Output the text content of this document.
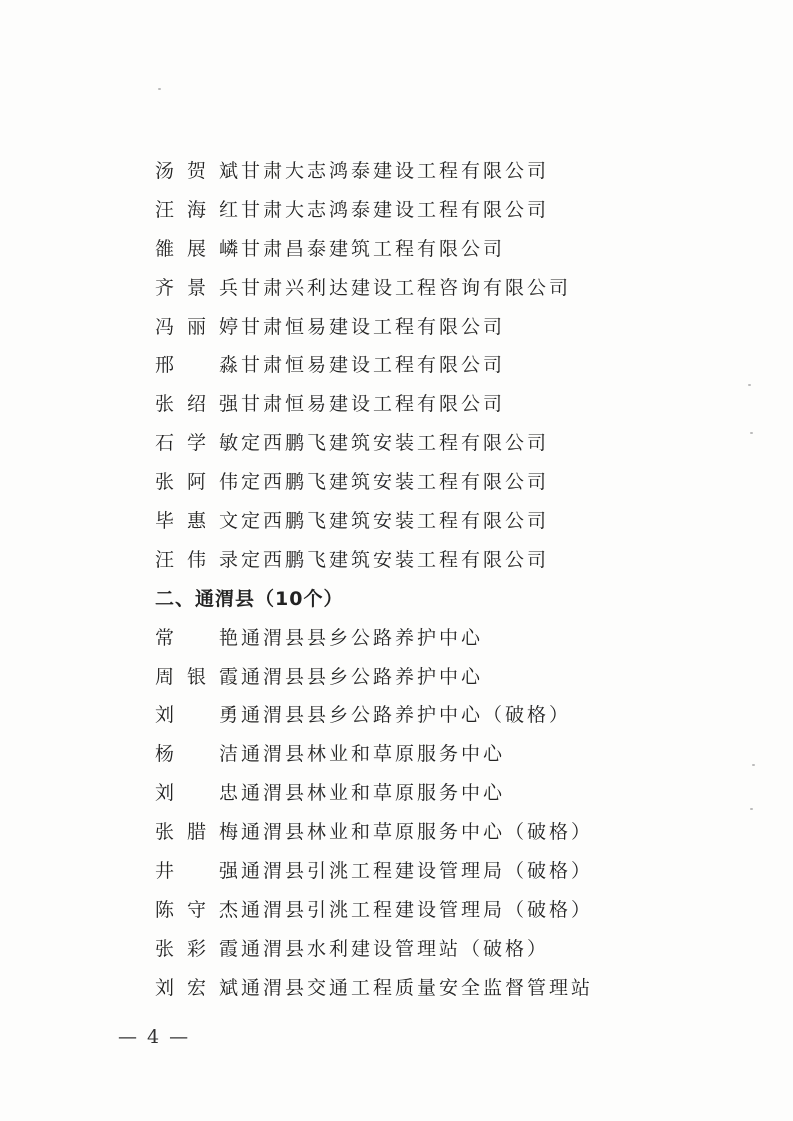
汤 贺 斌 甘肃大志鸿泰建设工程有限公司
汪 海 红 甘肃大志鸿泰建设工程有限公司
雒 展 嶙 甘肃昌泰建筑工程有限公司
齐 景 兵 甘肃兴利达建设工程咨询有限公司
冯 丽 婷 甘肃恒易建设工程有限公司
邢 淼 甘肃恒易建设工程有限公司
张 绍 强 甘肃恒易建设工程有限公司
石 学 敏 定西鹏飞建筑安装工程有限公司
张 阿 伟 定西鹏飞建筑安装工程有限公司
毕 惠 文 定西鹏飞建筑安装工程有限公司
汪 伟 录 定西鹏飞建筑安装工程有限公司
二、通渭县（10个）
常 艳 通渭县县乡公路养护中心
周 银 霞 通渭县县乡公路养护中心
刘 勇 通渭县县乡公路养护中心（破格）
杨 洁 通渭县林业和草原服务中心
刘 忠 通渭县林业和草原服务中心
张 腊 梅 通渭县林业和草原服务中心（破格）
井 强 通渭县引洮工程建设管理局（破格）
陈 守 杰 通渭县引洮工程建设管理局（破格）
张 彩 霞 通渭县水利建设管理站（破格）
刘 宏 斌 通渭县交通工程质量安全监督管理站
— 4 —
